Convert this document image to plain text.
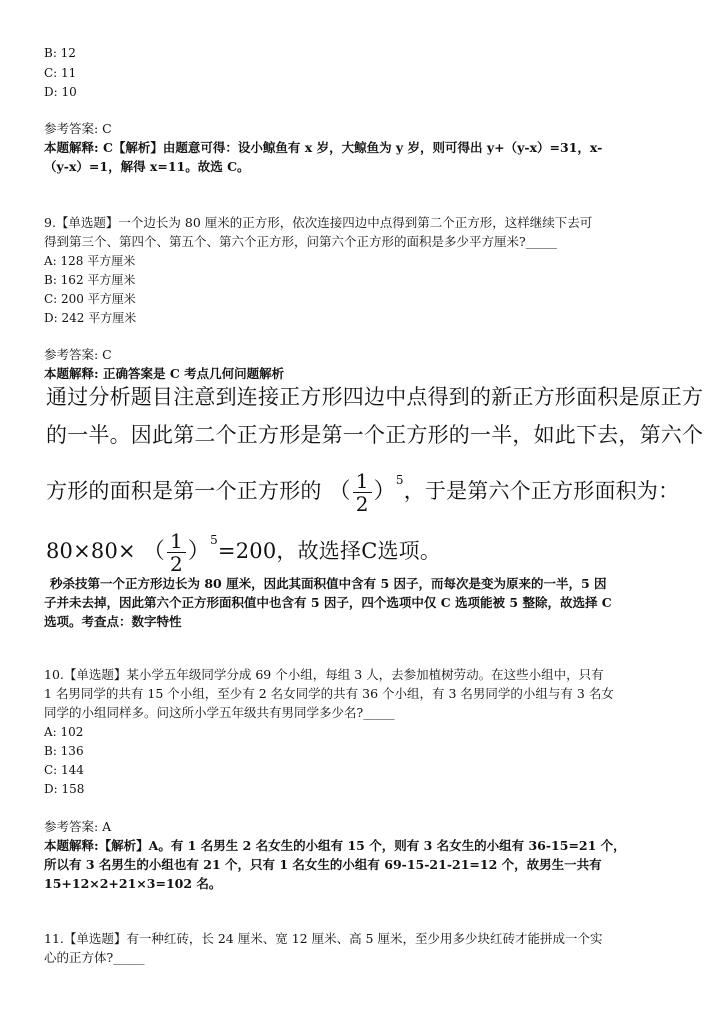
B: 12
C: 11
D: 10
参考答案: C
本题解释: C【解析】由题意可得：设小鲸鱼有 x 岁，大鲸鱼为 y 岁，则可得出 y+（y-x）=31，x-
（y-x）=1，解得 x=11。故选 C。
9.【单选题】一个边长为 80 厘米的正方形，依次连接四边中点得到第二个正方形，这样继续下去可
得到第三个、第四个、第五个、第六个正方形，问第六个正方形的面积是多少平方厘米?_____
A: 128 平方厘米
B: 162 平方厘米
C: 200 平方厘米
D: 242 平方厘米
参考答案: C
本题解释: 正确答案是 C 考点几何问题解析
通过分析题目注意到连接正方形四边中点得到的新正方形面积是原正方
的一半。因此第二个正方形是第一个正方形的一半，如此下去，第六个
方形的面积是第一个正方形的 （ $\frac{1}{2} )^5$，于是第六个正方形面积为：
80×80× （ $\frac{1}{2} )^5=200$，故选择C选项。
秒杀技第一个正方形边长为 80 厘米，因此其面积值中含有 5 因子，而每次是变为原来的一半，5 因
子并未去掉，因此第六个正方形面积值中也含有 5 因子，四个选项中仅 C 选项能被 5 整除，故选择 C
选项。考查点：数字特性
10.【单选题】某小学五年级同学分成 69 个小组，每组 3 人，去参加植树劳动。在这些小组中，只有
1 名男同学的共有 15 个小组，至少有 2 名女同学的共有 36 个小组，有 3 名男同学的小组与有 3 名女
同学的小组同样多。问这所小学五年级共有男同学多少名?_____
A: 102
B: 136
C: 144
D: 158
参考答案: A
本题解释:【解析】A。有 1 名男生 2 名女生的小组有 15 个，则有 3 名女生的小组有 36-15=21 个，
所以有 3 名男生的小组也有 21 个，只有 1 名女生的小组有 69-15-21-21=12 个，故男生一共有
15+12×2+21×3=102 名。
11.【单选题】有一种红砖，长 24 厘米、宽 12 厘米、高 5 厘米，至少用多少块红砖才能拼成一个实
心的正方体?_____
